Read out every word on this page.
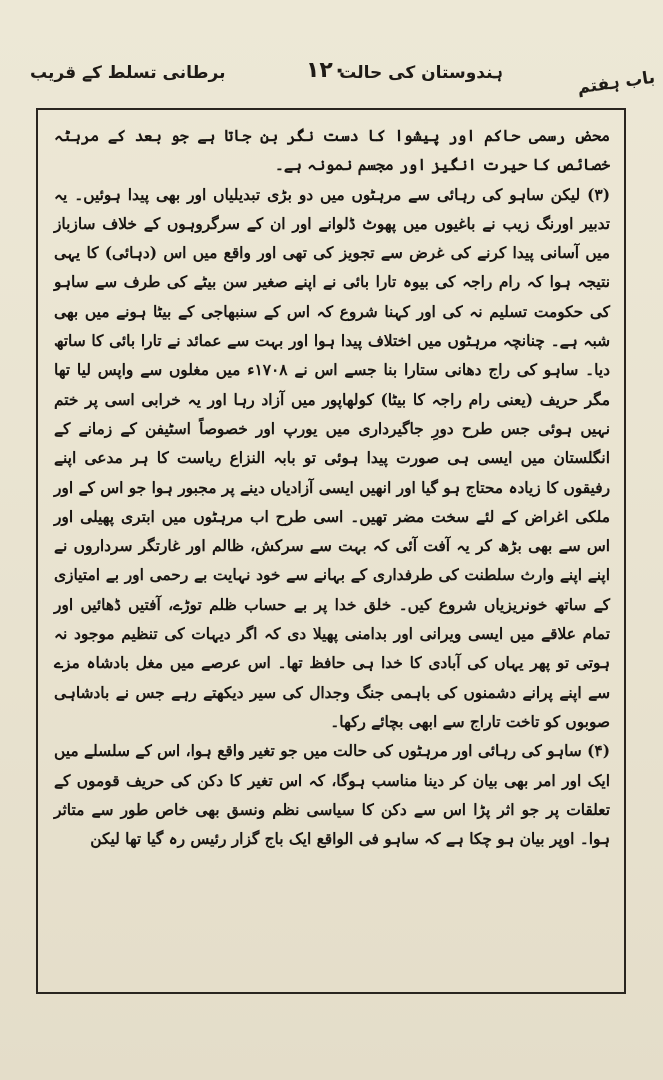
ہندوستان کی حالت
۱۲۰
برطانی تسلط کے قریب	باب ہفتم

محض رسمی حاکم اور پیشوا کا دست نگر بن جاتا ہے جو بعد کے مرہٹہ خصائص کا حیرت انگیز اور مجسم نمونہ ہے۔

(۳) لیکن ساہو کی رہائی سے مرہٹوں میں دو بڑی تبدیلیاں اور بھی پیدا ہوئیں۔ یہ تدبیر اورنگ زیب نے باغیوں میں پھوٹ ڈلوانے اور ان کے سرگروہوں کے خلاف سازباز میں آسانی پیدا کرنے کی غرض سے تجویز کی تھی اور واقع میں اس (دہائی) کا یہی نتیجہ ہوا کہ رام راجہ کی بیوہ تارا بائی نے اپنے صغیر سن بیٹے کی طرف سے ساہو کی حکومت تسلیم نہ کی اور کہنا شروع کہ اس کے سنبھاجی کے بیٹا ہونے میں بھی شبہ ہے۔ چنانچہ مرہٹوں میں اختلاف پیدا ہوا اور بہت سے عمائد نے تارا بائی کا ساتھ دیا۔ ساہو کی راج دھانی ستارا بنا جسے اس نے ۱۷۰۸ء میں مغلوں سے واپس لیا تھا مگر حریف (یعنی رام راجہ کا بیٹا) کولھاپور میں آزاد رہا اور یہ خرابی اسی پر ختم نہیں ہوئی جس طرح دورِ جاگیرداری میں یورپ اور خصوصاً اسٹیفن کے زمانے کے انگلستان میں ایسی ہی صورت پیدا ہوئی تو بابہ النزاع ریاست کا ہر مدعی اپنے رفیقوں کا زیادہ محتاج ہو گیا اور انھیں ایسی آزادیاں دینے پر مجبور ہوا جو اس کے اور ملکی اغراض کے لئے سخت مضر تھیں۔ اسی طرح اب مرہٹوں میں ابتری پھیلی اور اس سے بھی بڑھ کر یہ آفت آئی کہ بہت سے سرکش، ظالم اور غارتگر سرداروں نے اپنے اپنے وارث سلطنت کی طرفداری کے بہانے سے خود نہایت بے رحمی اور بے امتیازی کے ساتھ خونریزیاں شروع کیں۔ خلق خدا پر بے حساب ظلم توڑے، آفتیں ڈھائیں اور تمام علاقے میں ایسی ویرانی اور بدامنی پھیلا دی کہ اگر دیہات کی تنظیم موجود نہ ہوتی تو پھر یہاں کی آبادی کا خدا ہی حافظ تھا۔ اس عرصے میں مغل بادشاہ مزے سے اپنے پرانے دشمنوں کی باہمی جنگ وجدال کی سیر دیکھتے رہے جس نے بادشاہی صوبوں کو تاخت تاراج سے ابھی بچائے رکھا۔

(۴) ساہو کی رہائی اور مرہٹوں کی حالت میں جو تغیر واقع ہوا، اس کے سلسلے میں ایک اور امر بھی بیان کر دینا مناسب ہوگا، کہ اس تغیر کا دکن کی حریف قوموں کے تعلقات پر جو اثر پڑا اس سے دکن کا سیاسی نظم ونسق بھی خاص طور سے متاثر ہوا۔ اوپر بیان ہو چکا ہے کہ ساہو فی الواقع ایک باج گزار رئیس رہ گیا تھا لیکن
